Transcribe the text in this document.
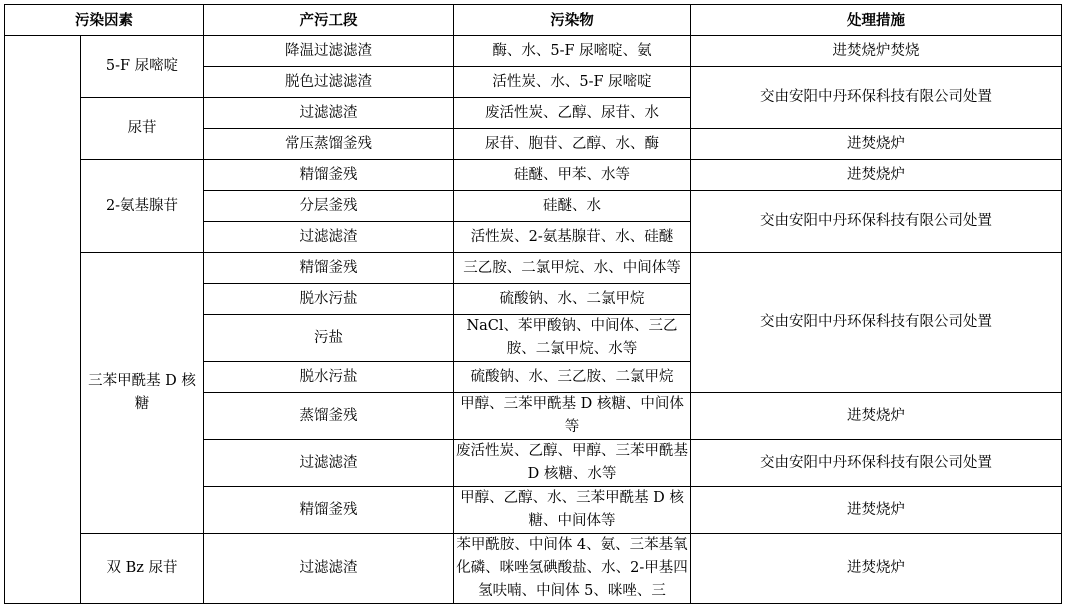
污染因素		产污工段	污染物	处理措施
	5-F 尿嘧啶	降温过滤滤渣	酶、水、5-F 尿嘧啶、氨	进焚烧炉焚烧
		脱色过滤滤渣	活性炭、水、5-F 尿嘧啶	交由安阳中丹环保科技有限公司处置
	尿苷	过滤滤渣	废活性炭、乙醇、尿苷、水	
		常压蒸馏釜残	尿苷、胞苷、乙醇、水、酶	进焚烧炉
	2-氨基腺苷	精馏釜残	硅醚、甲苯、水等	进焚烧炉
		分层釜残	硅醚、水	交由安阳中丹环保科技有限公司处置
		过滤滤渣	活性炭、2-氨基腺苷、水、硅醚	
	三苯甲酰基 D 核糖	精馏釜残	三乙胺、二氯甲烷、水、中间体等	交由安阳中丹环保科技有限公司处置
		脱水污盐	硫酸钠、水、二氯甲烷	
		污盐	NaCl、苯甲酸钠、中间体、三乙胺、二氯甲烷、水等	
		脱水污盐	硫酸钠、水、三乙胺、二氯甲烷	
		蒸馏釜残	甲醇、三苯甲酰基 D 核糖、中间体等	进焚烧炉
		过滤滤渣	废活性炭、乙醇、甲醇、三苯甲酰基 D 核糖、水等	交由安阳中丹环保科技有限公司处置
		精馏釜残	甲醇、乙醇、水、三苯甲酰基 D 核糖、中间体等	进焚烧炉
	双 Bz 尿苷	过滤滤渣	苯甲酰胺、中间体 4、氨、三苯基氧化磷、咪唑氢碘酸盐、水、2-甲基四氢呋喃、中间体 5、咪唑、三	进焚烧炉
